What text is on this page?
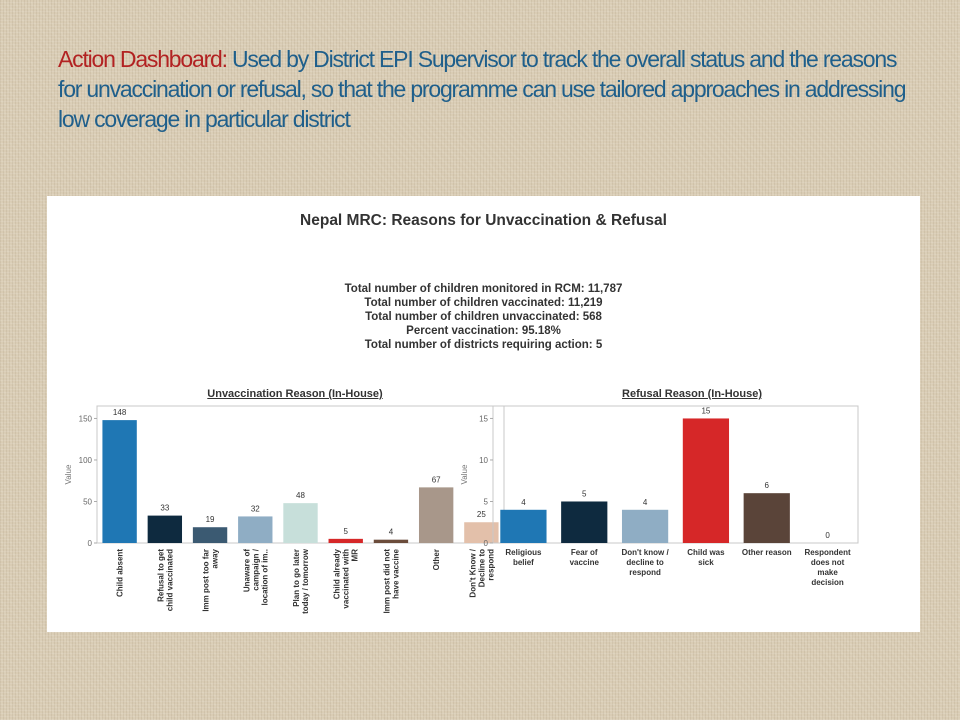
Action Dashboard: Used by District EPI Supervisor to track the overall status and the reasons for unvaccination or refusal, so that the programme can use tailored approaches in addressing low coverage in particular district
Nepal MRC: Reasons for Unvaccination & Refusal
Total number of children monitored in RCM: 11,787
Total number of children vaccinated: 11,219
Total number of children unvaccinated: 568
Percent vaccination: 95.18%
Total number of districts requiring action: 5
Unvaccination Reason (In-House)	Refusal Reason (In-House)
Value
0
50
100
150
148
Child absent
33
Refusal to get child vaccinated
19
Imm post too far away
32
Unaware of campaign / location of im..
48
Plan to go later today / tomorrow
5
Child already vaccinated with MR
4
Imm post did not have vaccine
67
Other
25
Don't Know / Decline to respond
Value
0
5
10
15
4
Religious
belief
5
Fear of
vaccine
4
Don't know /
decline to
respond
15
Child was
sick
6
Other reason
0
Respondent
does not
make
decision
